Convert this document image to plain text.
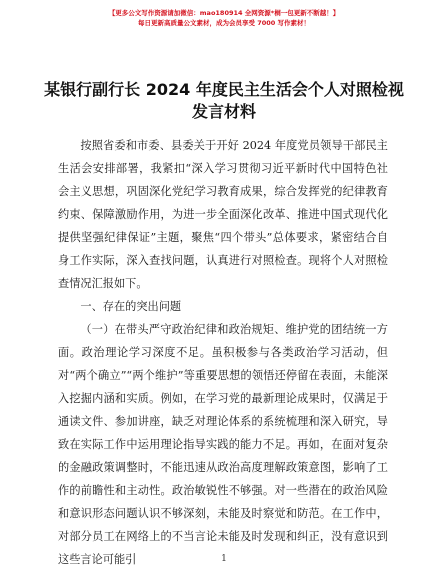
【更多公文写作资源请加微信：mao180914 全网资源*桐一包更新不断越！】
每日更新高质量公文素材，成为会员享受 7000 写作素材！
某银行副行长 2024 年度民主生活会个人对照检视发言材料

按照省委和市委、县委关于开好 2024 年度党员领导干部民主生活会安排部署，我紧扣“深入学习贯彻习近平新时代中国特色社会主义思想，巩固深化党纪学习教育成果，综合发挥党的纪律教育约束、保障激励作用，为进一步全面深化改革、推进中国式现代化提供坚强纪律保证”主题，聚焦“四个带头”总体要求，紧密结合自身工作实际，深入查找问题，认真进行对照检查。现将个人对照检查情况汇报如下。

一、存在的突出问题

（一）在带头严守政治纪律和政治规矩、维护党的团结统一方面。政治理论学习深度不足。虽积极参与各类政治学习活动，但对“两个确立”“两个维护”等重要思想的领悟还停留在表面，未能深入挖掘内涵和实质。例如，在学习党的最新理论成果时，仅满足于通读文件、参加讲座，缺乏对理论体系的系统梳理和深入研究，导致在实际工作中运用理论指导实践的能力不足。再如，在面对复杂的金融政策调整时，不能迅速从政治高度理解政策意图，影响了工作的前瞻性和主动性。政治敏锐性不够强。对一些潜在的政治风险和意识形态问题认识不够深刻，未能及时察觉和防范。在工作中，对部分员工在网络上的不当言论未能及时发现和纠正，没有意识到这些言论可能引	1
